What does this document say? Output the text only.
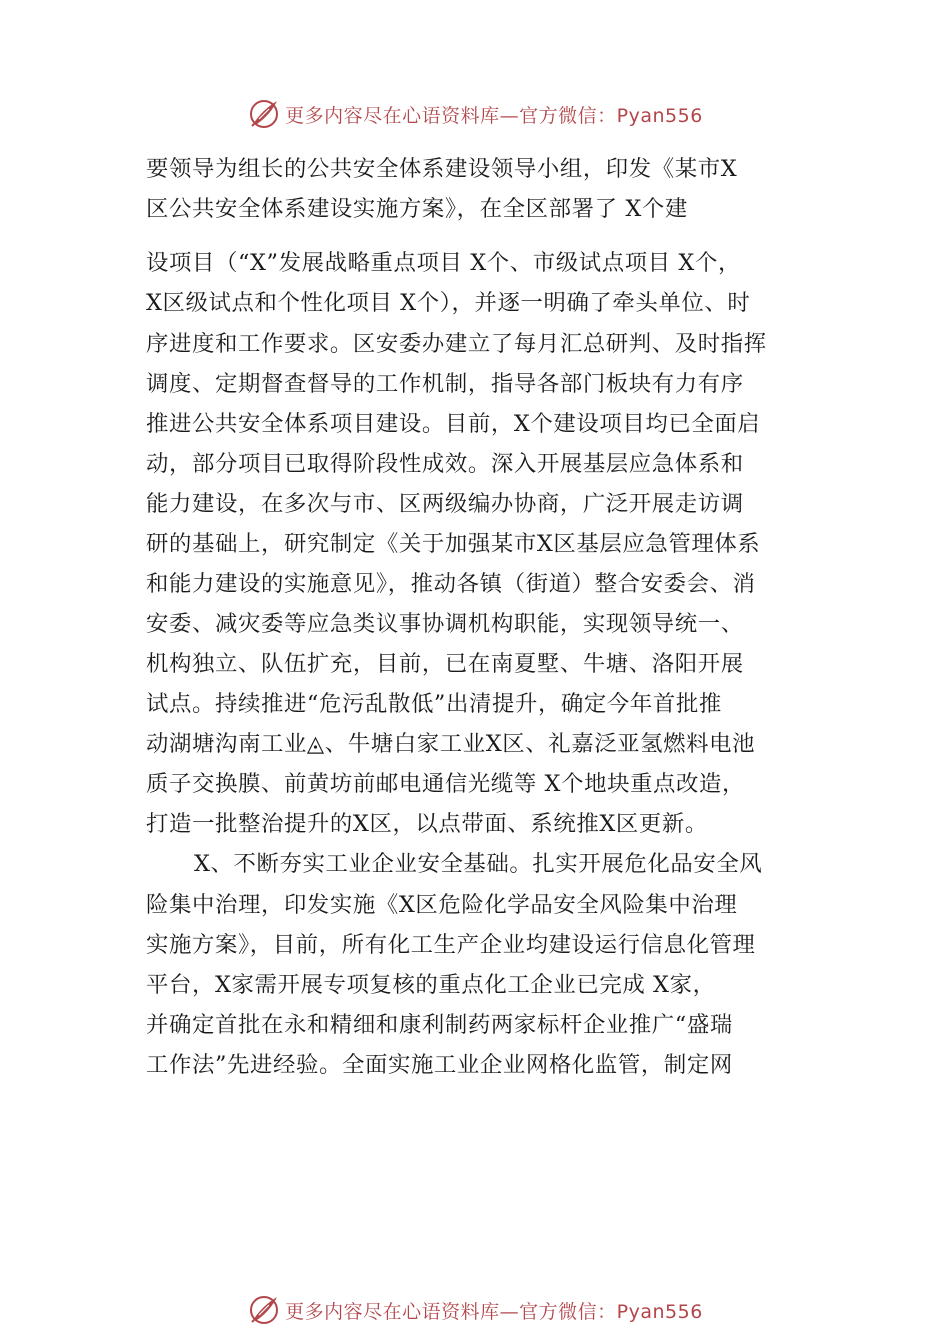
更多内容尽在心语资料库—官方微信：Pyan556
要领导为组长的公共安全体系建设领导小组，印发《某市X
区公共安全体系建设实施方案》，在全区部署了 X个建
设项目（“X”发展战略重点项目 X个、市级试点项目 X个，
X区级试点和个性化项目 X个），并逐一明确了牵头单位、时
序进度和工作要求。区安委办建立了每月汇总研判、及时指挥
调度、定期督查督导的工作机制，指导各部门板块有力有序
推进公共安全体系项目建设。目前，X个建设项目均已全面启
动，部分项目已取得阶段性成效。深入开展基层应急体系和
能力建设，在多次与市、区两级编办协商，广泛开展走访调
研的基础上，研究制定《关于加强某市X区基层应急管理体系
和能力建设的实施意见》，推动各镇（街道）整合安委会、消
安委、减灾委等应急类议事协调机构职能，实现领导统一、
机构独立、队伍扩充，目前，已在南夏墅、牛塘、洛阳开展
试点。持续推进“危污乱散低”出清提升，确定今年首批推
动湖塘沟南工业◬、牛塘白家工业X区、礼嘉泛亚氢燃料电池
质子交换膜、前黄坊前邮电通信光缆等 X个地块重点改造，
打造一批整治提升的X区，以点带面、系统推X区更新。
X、不断夯实工业企业安全基础。扎实开展危化品安全风
险集中治理，印发实施《X区危险化学品安全风险集中治理
实施方案》，目前，所有化工生产企业均建设运行信息化管理
平台，X家需开展专项复核的重点化工企业已完成 X家，
并确定首批在永和精细和康利制药两家标杆企业推广“盛瑞
工作法”先进经验。全面实施工业企业网格化监管，制定网
更多内容尽在心语资料库—官方微信：Pyan556
